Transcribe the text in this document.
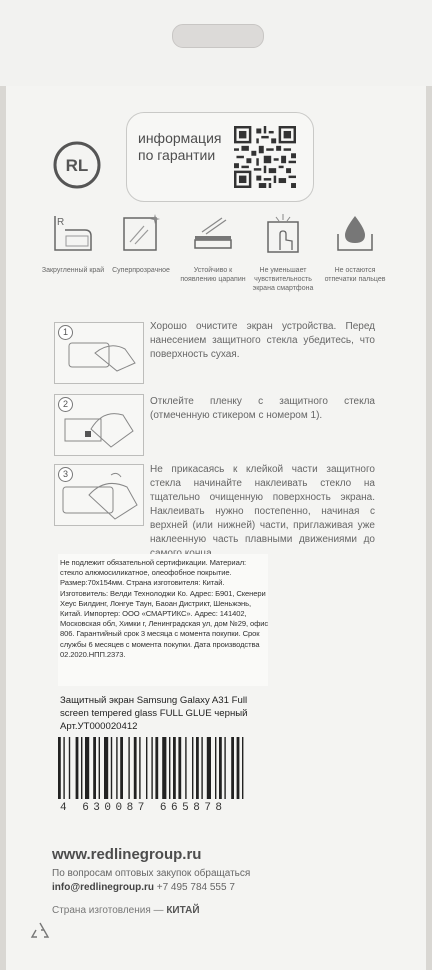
RL
информация
по гарантии
R
Закругленный край	Суперпрозрачное	Устойчиво к появлению царапин
Не уменьшает чувствительность экрана смартфона
Не остаются отпечатки пальцев
1	Хорошо очистите экран устройства. Перед нанесением защитного стекла убедитесь, что поверхность сухая.
2	Отклейте пленку с защитного стекла (отмеченную стикером с номером 1).
3	Не прикасаясь к клейкой части защитного стекла начинайте наклеивать стекло на тщательно очищенную поверхность экрана. Наклеивать нужно постепенно, начиная с верхней (или нижней) части, приглаживая уже наклеенную часть плавными движениями до
Не подлежит обязательной сертификации. Материал: стекло алюмосиликатное, олеофобное покрытие. Размер:70х154мм. Страна изготовителя: Китай. Изготовитель: Велди Технолоджи Ко. Адрес: Б901, Скенери Хеус Билдинг, Лонгуе Таун, Баоан Дистрикт, Шеньжэнь, Китай. Импортер: ООО «СМАРТИКС». Адрес: 141402, Московская обл, Химки г, Ленинградская ул, дом №29, офис 806. Гарантийный срок 3 месяца с момента покупки. Срок службы 6 месяцев с момента покупки. Дата производства 02.2020.НПП.2373.
Защитный экран Samsung Galaxy A31 Full screen tempered glass FULL GLUE черный Арт.УТ000020412
4 630087 665878
www.redlinegroup.ru
По вопросам оптовых закупок обращаться
info@redlinegroup.ru +7 495 784 555 7
Страна изготовления — КИТАЙ
